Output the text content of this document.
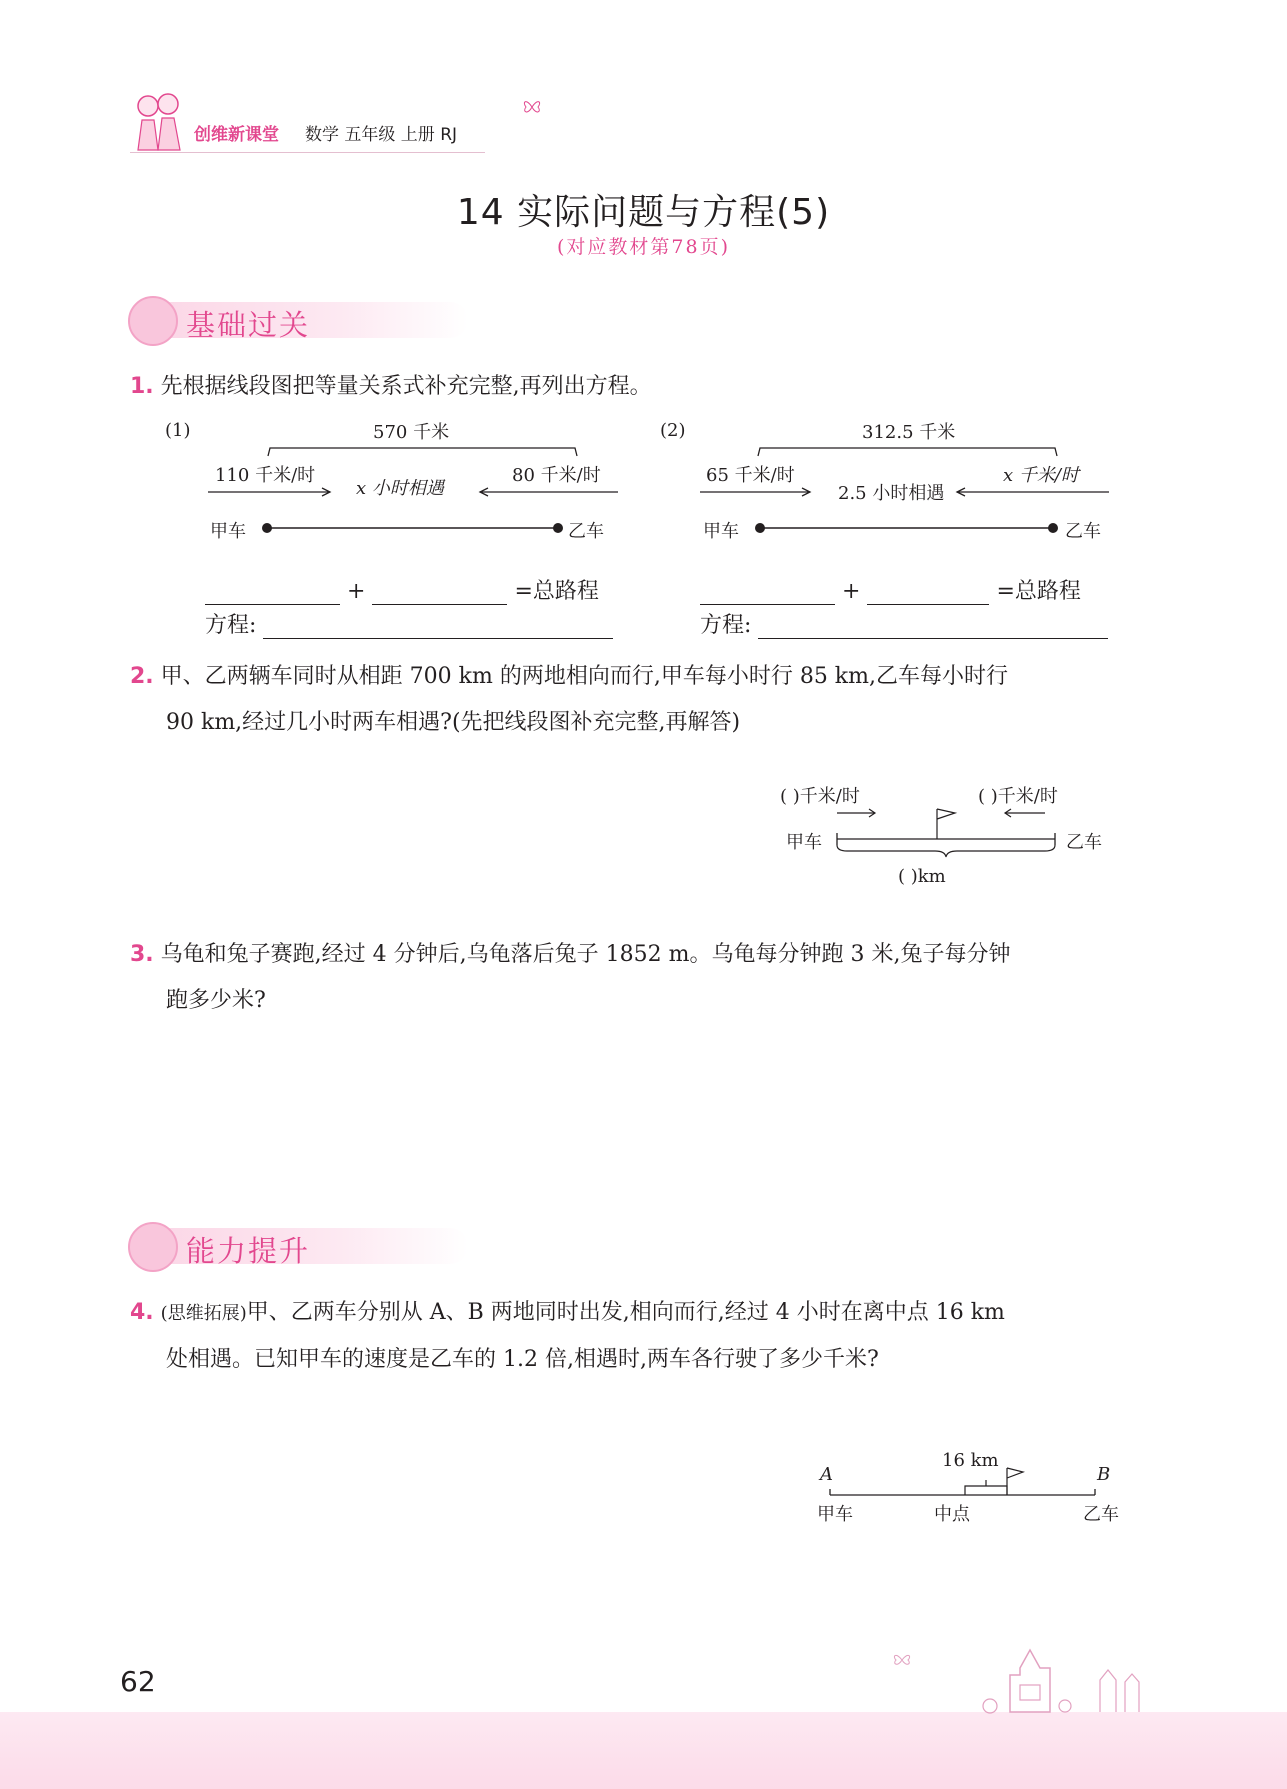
创维新课堂 数学 五年级 上册 RJ
14 实际问题与方程(5)
(对应教材第78页)
基础过关
1. 先根据线段图把等量关系式补充完整,再列出方程。
(1)	570 千米
110 千米/时
x 小时相遇
80 千米/时
甲车	乙车
+	=总路程
方程:
(2)	312.5 千米
65 千米/时
2.5 小时相遇
x 千米/时
甲车	乙车
+	=总路程
方程:
2. 甲、乙两辆车同时从相距 700 km 的两地相向而行,甲车每小时行 85 km,乙车每小时行
90 km,经过几小时两车相遇?(先把线段图补充完整,再解答)
( )千米/时	( )千米/时
甲车	乙车
( )km
3. 乌龟和兔子赛跑,经过 4 分钟后,乌龟落后兔子 1852 m。乌龟每分钟跑 3 米,兔子每分钟
跑多少米?
能力提升
4. (思维拓展)甲、乙两车分别从 A、B 两地同时出发,相向而行,经过 4 小时在离中点 16 km
处相遇。已知甲车的速度是乙车的 1.2 倍,相遇时,两车各行驶了多少千米?
A	B
16 km
甲车	中点	乙车
62
